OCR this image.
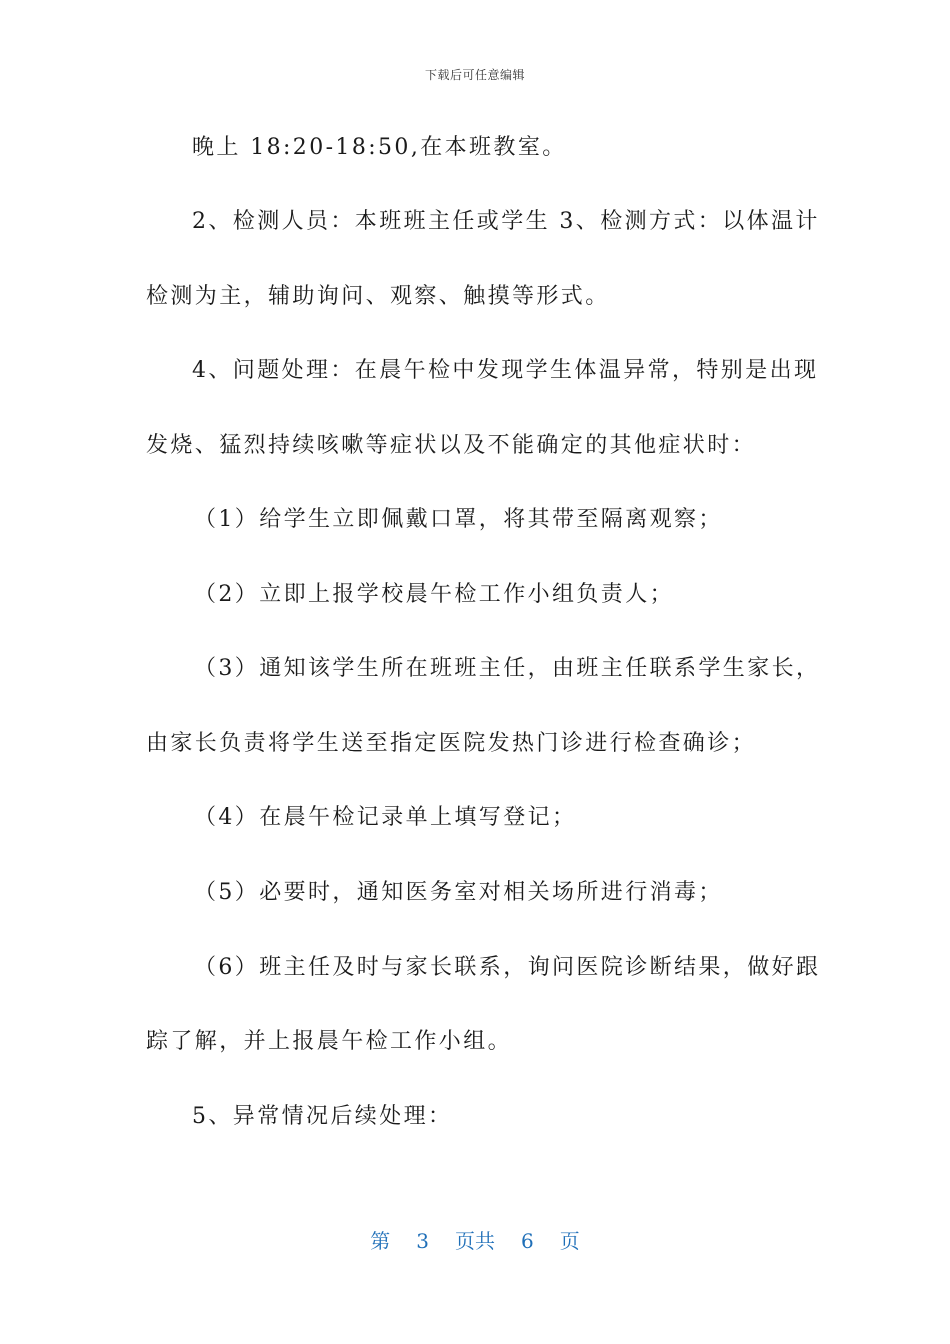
下载后可任意编辑
晚上 18:20-18:50,在本班教室。
2、检测人员：本班班主任或学生 3、检测方式：以体温计
检测为主，辅助询问、观察、触摸等形式。
4、问题处理：在晨午检中发现学生体温异常，特别是出现
发烧、猛烈持续咳嗽等症状以及不能确定的其他症状时：
（1）给学生立即佩戴口罩，将其带至隔离观察；
（2）立即上报学校晨午检工作小组负责人；
（3）通知该学生所在班班主任，由班主任联系学生家长，
由家长负责将学生送至指定医院发热门诊进行检查确诊；
（4）在晨午检记录单上填写登记；
（5）必要时，通知医务室对相关场所进行消毒；
（6）班主任及时与家长联系，询问医院诊断结果，做好跟
踪了解，并上报晨午检工作小组。
5、异常情况后续处理：
第 3 页共 6 页
